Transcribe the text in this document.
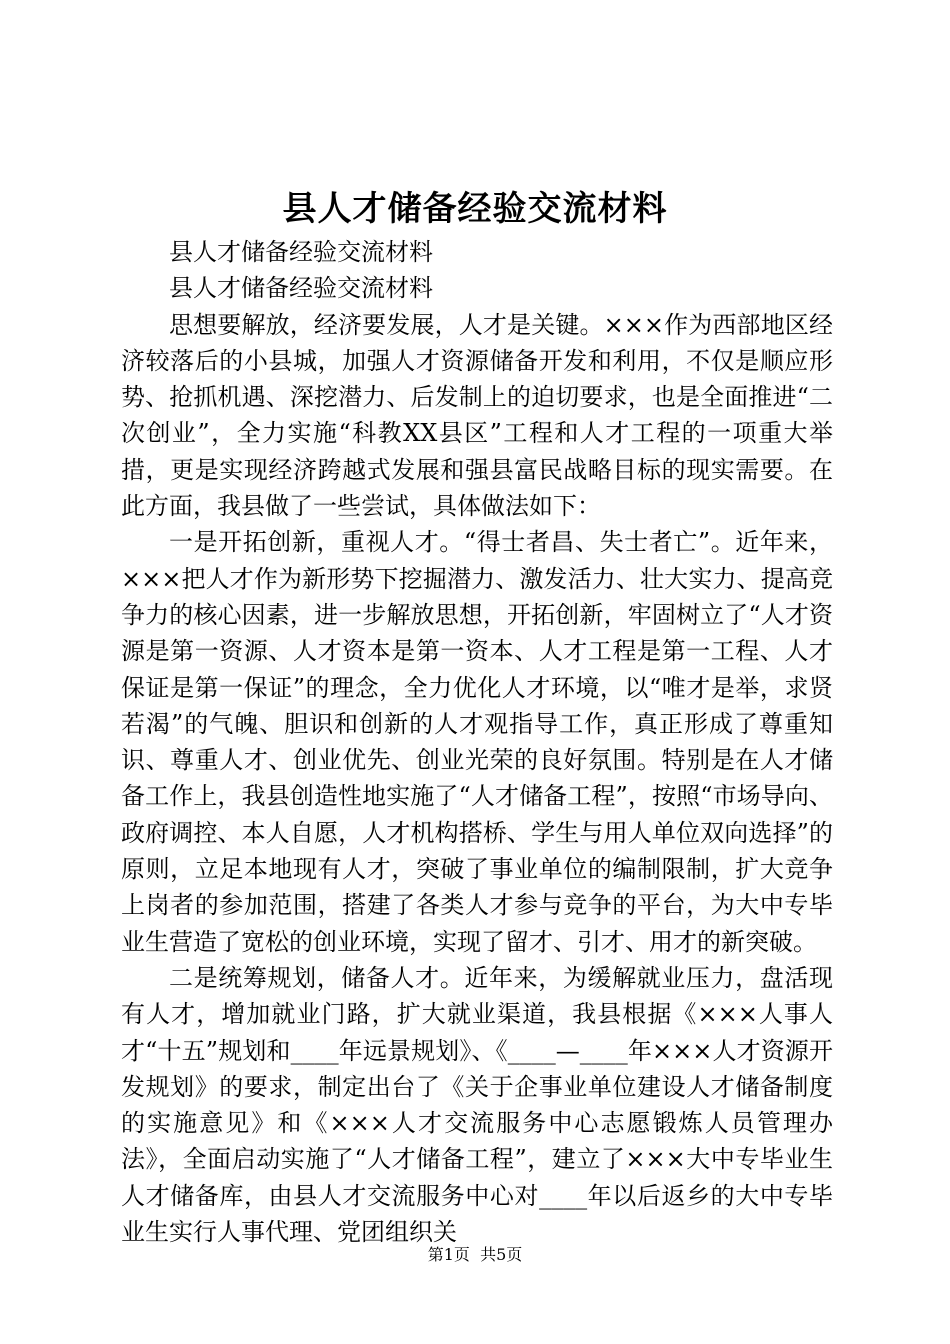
县人才储备经验交流材料

县人才储备经验交流材料

县人才储备经验交流材料

思想要解放，经济要发展，人才是关键。×××作为西部地区经济较落后的小县城，加强人才资源储备开发和利用，不仅是顺应形势、抢抓机遇、深挖潜力、后发制上的迫切要求，也是全面推进“二次创业”，全力实施“科教XX县区”工程和人才工程的一项重大举措，更是实现经济跨越式发展和强县富民战略目标的现实需要。在此方面，我县做了一些尝试，具体做法如下：

一是开拓创新，重视人才。“得士者昌、失士者亡”。近年来，×××把人才作为新形势下挖掘潜力、激发活力、壮大实力、提高竞争力的核心因素，进一步解放思想，开拓创新，牢固树立了“人才资源是第一资源、人才资本是第一资本、人才工程是第一工程、人才保证是第一保证”的理念，全力优化人才环境，以“唯才是举，求贤若渴”的气魄、胆识和创新的人才观指导工作，真正形成了尊重知识、尊重人才、创业优先、创业光荣的良好氛围。特别是在人才储备工作上，我县创造性地实施了“人才储备工程”，按照“市场导向、政府调控、本人自愿，人才机构搭桥、学生与用人单位双向选择”的原则，立足本地现有人才，突破了事业单位的编制限制，扩大竞争上岗者的参加范围，搭建了各类人才参与竞争的平台，为大中专毕业生营造了宽松的创业环境，实现了留才、引才、用才的新突破。

二是统筹规划，储备人才。近年来，为缓解就业压力，盘活现有人才，增加就业门路，扩大就业渠道，我县根据《×××人事人才“十五”规划和____年远景规划》、《____—____年×××人才资源开发规划》的要求，制定出台了《关于企事业单位建设人才储备制度的实施意见》和《×××人才交流服务中心志愿锻炼人员管理办法》，全面启动实施了“人才储备工程”，建立了×××大中专毕业生人才储备库，由县人才交流服务中心对____年以后返乡的大中专毕业生实行人事代理、党团组织关

第1页 共5页
